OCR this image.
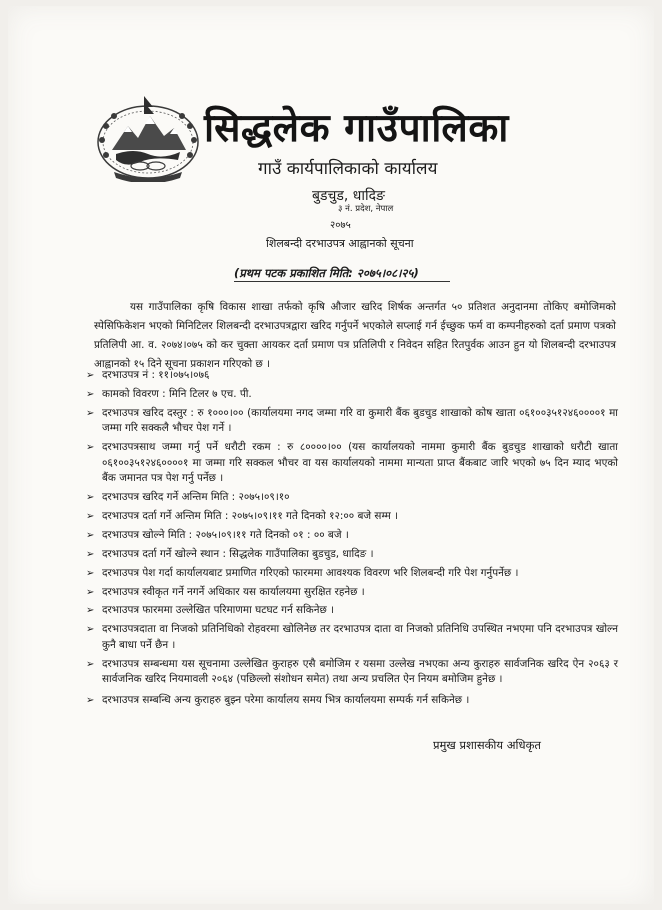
सिद्धलेक गाउँपालिका
गाउँ कार्यपालिकाको कार्यालय
बुडचुड, धादिङ
३ नं. प्रदेश, नेपाल
२०७५
शिलबन्दी दरभाउपत्र आह्वानको सूचना
(प्रथम पटक प्रकाशित मिति: २०७५।०८।२५)
यस गाउँपालिका कृषि विकास शाखा तर्फको कृषि औजार खरिद शिर्षक अन्तर्गत ५० प्रतिशत अनुदानमा तोकिए बमोजिमको स्पेसिफिकेशन भएको मिनिटिलर शिलबन्दी दरभाउपत्रद्वारा खरिद गर्नुपर्ने भएकोले सप्लाई गर्न ईच्छुक फर्म वा कम्पनीहरुको दर्ता प्रमाण पत्रको प्रतिलिपी आ. व. २०७४।०७५ को कर चुक्ता आयकर दर्ता प्रमाण पत्र प्रतिलिपी र निवेदन सहित रितपुर्वक आउन हुन यो शिलबन्दी दरभाउपत्र आह्वानको १५ दिने सूचना प्रकाशन गरिएको छ ।
➢ दरभाउपत्र नं : ११।०७५।०७६
➢ कामको विवरण : मिनि टिलर ७ एच. पी.
➢ दरभाउपत्र खरिद दस्तुर : रु १०००।०० (कार्यालयमा नगद जम्मा गरि वा कुमारी बैंक बुडचुड शाखाको कोष खाता ०६१००३५१२४६००००१ मा जम्मा गरि सक्कलै भौचर पेश गर्ने ।
➢ दरभाउपत्रसाथ जम्मा गर्नु पर्ने धरौटी रकम : रु ८००००।०० (यस कार्यालयको नाममा कुमारी बैंक बुडचुड शाखाको धरौटी खाता ०६१००३५१२४६००००१ मा जम्मा गरि सक्कल भौचर वा यस कार्यालयको नाममा मान्यता प्राप्त बैंकबाट जारि भएको ७५ दिन म्याद भएको बैंक जमानत पत्र पेश गर्नु पर्नेछ ।
➢ दरभाउपत्र खरिद गर्ने अन्तिम मिति : २०७५।०९।१०
➢ दरभाउपत्र दर्ता गर्ने अन्तिम मिति : २०७५।०९।११ गते दिनको १२:०० बजे सम्म ।
➢ दरभाउपत्र खोल्ने मिति : २०७५।०९।११ गते दिनको ०१ : ०० बजे ।
➢ दरभाउपत्र दर्ता गर्ने खोल्ने स्थान : सिद्धलेक गाउँपालिका बुडचुड, धादिङ ।
➢ दरभाउपत्र पेश गर्दा कार्यालयबाट प्रमाणित गरिएको फारममा आवश्यक विवरण भरि शिलबन्दी गरि पेश गर्नुपर्नेछ ।
➢ दरभाउपत्र स्वीकृत गर्ने नगर्ने अधिकार यस कार्यालयमा सुरक्षित रहनेछ ।
➢ दरभाउपत्र फारममा उल्लेखित परिमाणमा घटघट गर्न सकिनेछ ।
➢ दरभाउपत्रदाता वा निजको प्रतिनिधिको रोहवरमा खोलिनेछ तर दरभाउपत्र दाता वा निजको प्रतिनिधि उपस्थित नभएमा पनि दरभाउपत्र खोल्न कुनै बाधा पर्ने छैन ।
➢ दरभाउपत्र सम्बन्धमा यस सूचनामा उल्लेखित कुराहरु एसै बमोजिम र यसमा उल्लेख नभएका अन्य कुराहरु सार्वजनिक खरिद ऐन २०६३ र सार्वजनिक खरिद नियमावली २०६४ (पछिल्लो संशोधन समेत) तथा अन्य प्रचलित ऐन नियम बमोजिम हुनेछ ।
➢ दरभाउपत्र सम्बन्धि अन्य कुराहरु बुझ्न परेमा कार्यालय समय भित्र कार्यालयमा सम्पर्क गर्न सकिनेछ ।
प्रमुख प्रशासकीय अधिकृत
